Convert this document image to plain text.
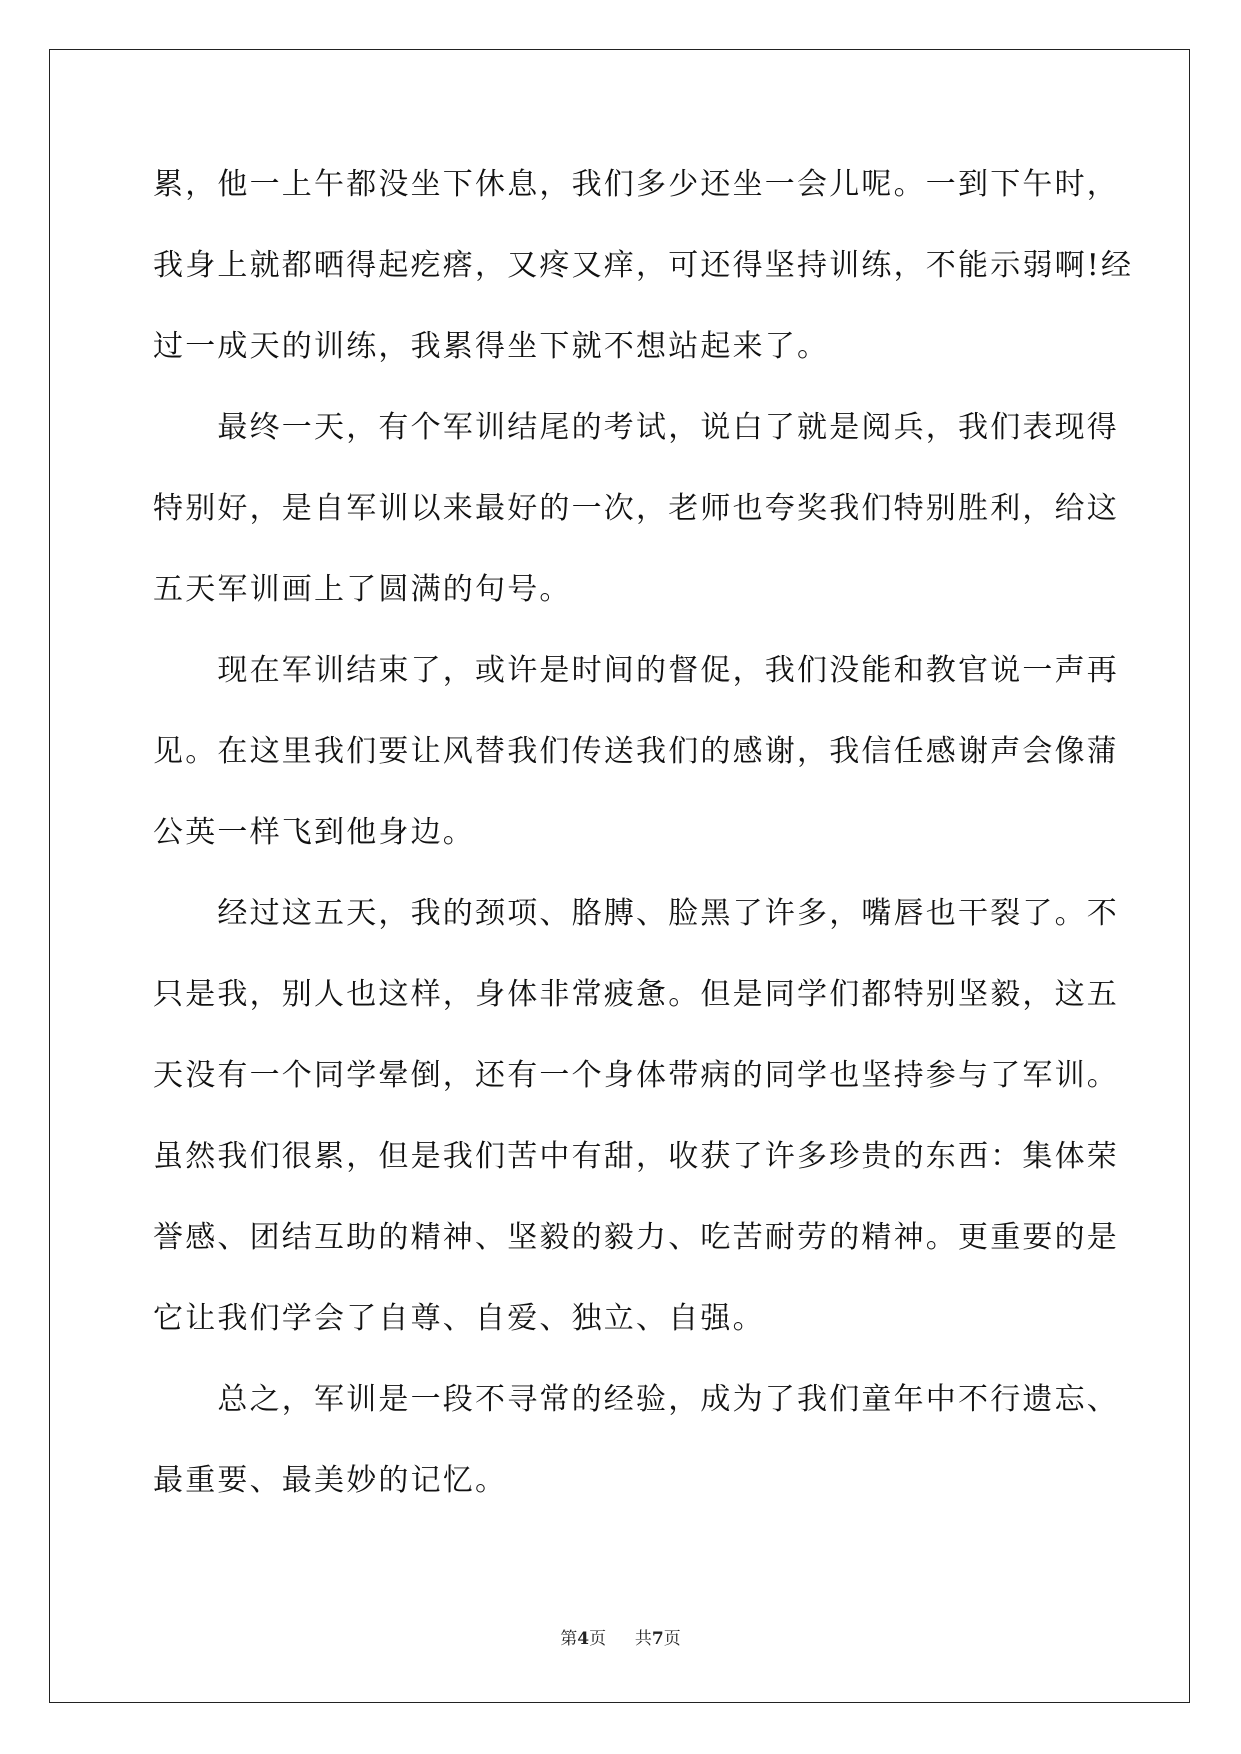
累，他一上午都没坐下休息，我们多少还坐一会儿呢。一到下午时，
我身上就都晒得起疙瘩，又疼又痒，可还得坚持训练，不能示弱啊!经
过一成天的训练，我累得坐下就不想站起来了。
　　最终一天，有个军训结尾的考试，说白了就是阅兵，我们表现得
特别好，是自军训以来最好的一次，老师也夸奖我们特别胜利，给这
五天军训画上了圆满的句号。
　　现在军训结束了，或许是时间的督促，我们没能和教官说一声再
见。在这里我们要让风替我们传送我们的感谢，我信任感谢声会像蒲
公英一样飞到他身边。
　　经过这五天，我的颈项、胳膊、脸黑了许多，嘴唇也干裂了。不
只是我，别人也这样，身体非常疲惫。但是同学们都特别坚毅，这五
天没有一个同学晕倒，还有一个身体带病的同学也坚持参与了军训。
虽然我们很累，但是我们苦中有甜，收获了许多珍贵的东西：集体荣
誉感、团结互助的精神、坚毅的毅力、吃苦耐劳的精神。更重要的是
它让我们学会了自尊、自爱、独立、自强。
　　总之，军训是一段不寻常的经验，成为了我们童年中不行遗忘、
最重要、最美妙的记忆。
第4页 共7页
